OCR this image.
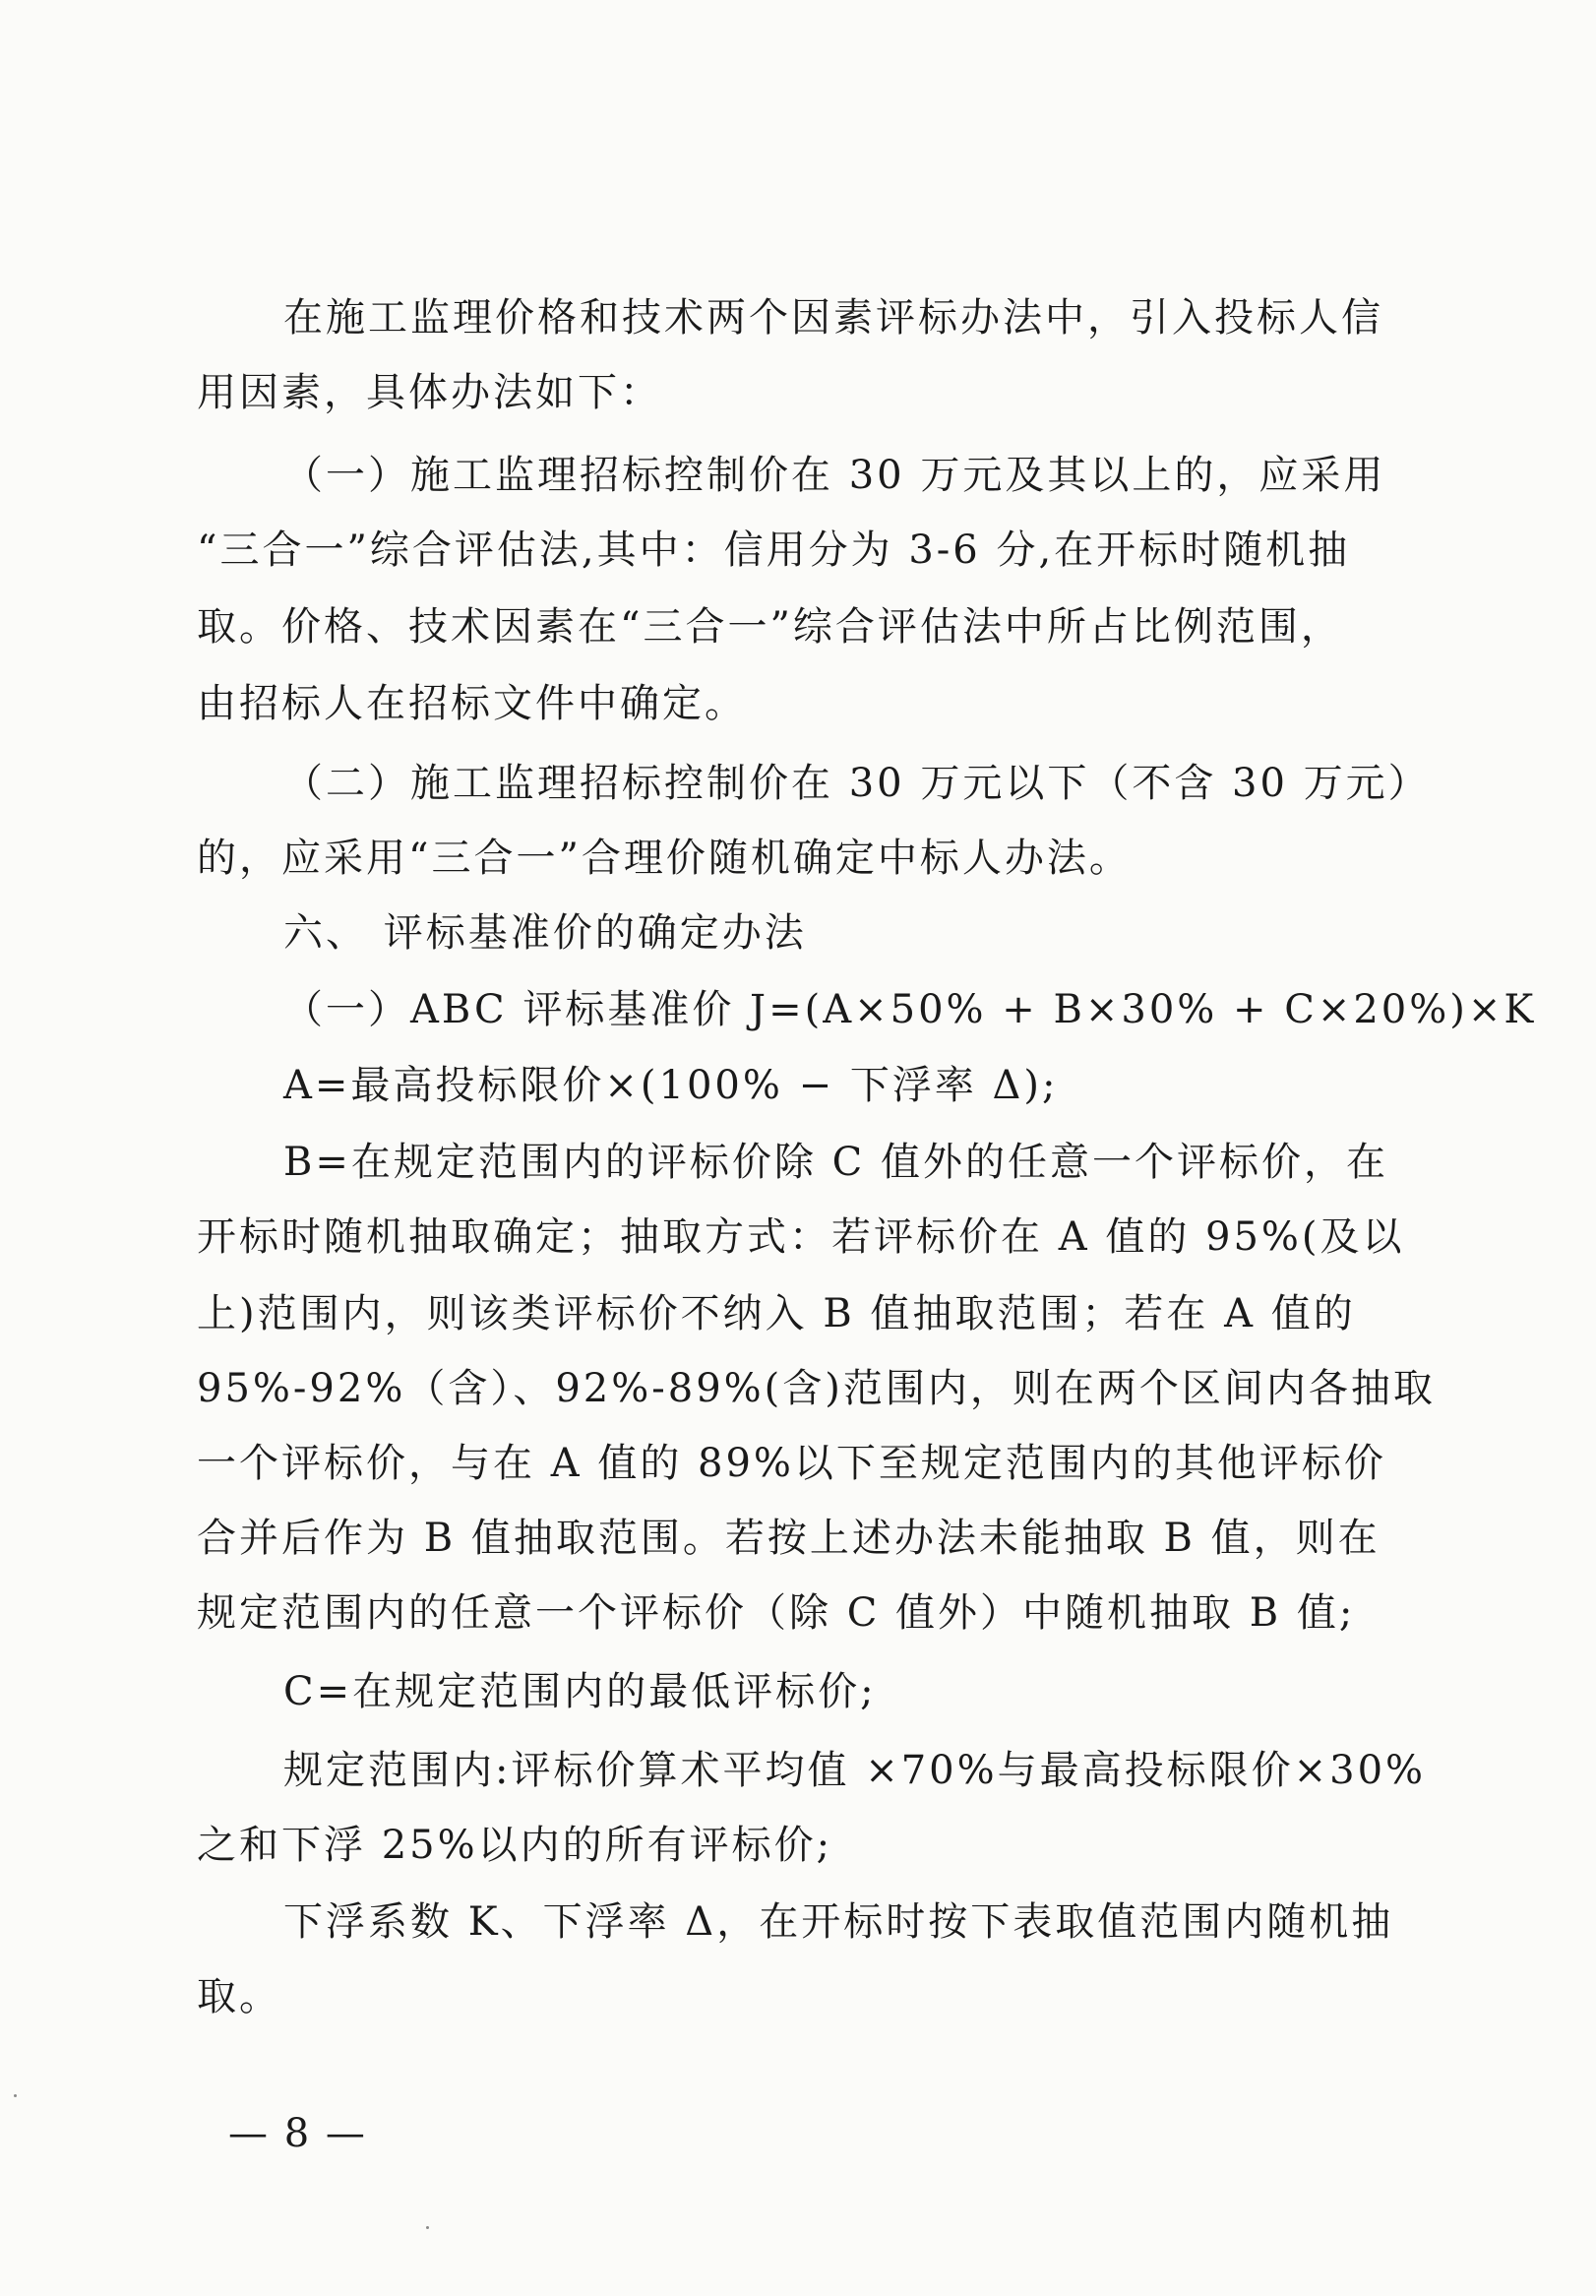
在施工监理价格和技术两个因素评标办法中，引入投标人信
用因素，具体办法如下：
（一）施工监理招标控制价在 30 万元及其以上的，应采用
“三合一”综合评估法,其中：信用分为 3-6 分,在开标时随机抽
取。价格、技术因素在“三合一”综合评估法中所占比例范围，
由招标人在招标文件中确定。
（二）施工监理招标控制价在 30 万元以下（不含 30 万元）
的，应采用“三合一”合理价随机确定中标人办法。
六、 评标基准价的确定办法
（一）ABC 评标基准价 J=(A×50% + B×30% + C×20%)×K
A=最高投标限价×(100% − 下浮率 Δ);
B=在规定范围内的评标价除 C 值外的任意一个评标价，在
开标时随机抽取确定；抽取方式：若评标价在 A 值的 95%(及以
上)范围内，则该类评标价不纳入 B 值抽取范围；若在 A 值的
95%-92%（含）、92%-89%(含)范围内，则在两个区间内各抽取
一个评标价，与在 A 值的 89%以下至规定范围内的其他评标价
合并后作为 B 值抽取范围。若按上述办法未能抽取 B 值，则在
规定范围内的任意一个评标价（除 C 值外）中随机抽取 B 值;
C=在规定范围内的最低评标价;
规定范围内:评标价算术平均值 ×70%与最高投标限价×30%
之和下浮 25%以内的所有评标价;
下浮系数 K、下浮率 Δ，在开标时按下表取值范围内随机抽
取。
— 8 —
